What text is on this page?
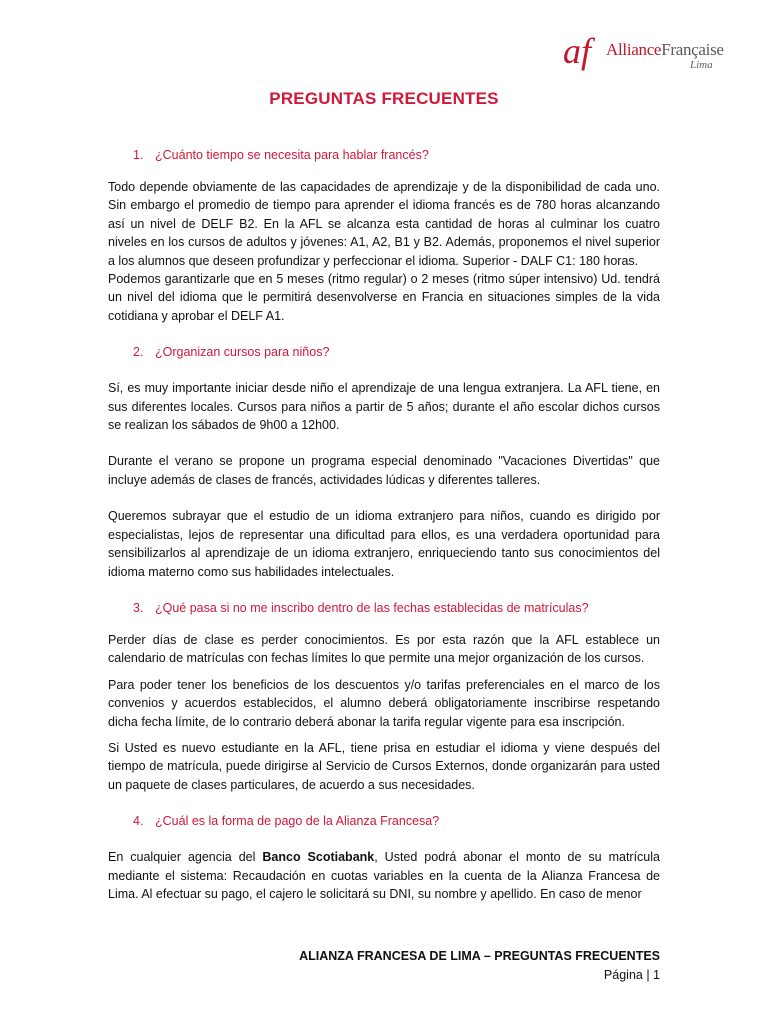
af AllianceFrançaise
Lima
PREGUNTAS FRECUENTES
1. ¿Cuánto tiempo se necesita para hablar francés?

Todo depende obviamente de las capacidades de aprendizaje y de la disponibilidad de cada uno. Sin embargo el promedio de tiempo para aprender el idioma francés es de 780 horas alcanzando así un nivel de DELF B2. En la AFL se alcanza esta cantidad de horas al culminar los cuatro niveles en los cursos de adultos y jóvenes: A1, A2, B1 y B2. Además, proponemos el nivel superior a los alumnos que deseen profundizar y perfeccionar el idioma. Superior - DALF C1: 180 horas.

Podemos garantizarle que en 5 meses (ritmo regular) o 2 meses (ritmo súper intensivo) Ud. tendrá un nivel del idioma que le permitirá desenvolverse en Francia en situaciones simples de la vida cotidiana y aprobar el DELF A1.

2. ¿Organizan cursos para niños?

Sí, es muy importante iniciar desde niño el aprendizaje de una lengua extranjera. La AFL tiene, en sus diferentes locales. Cursos para niños a partir de 5 años; durante el año escolar dichos cursos se realizan los sábados de 9h00 a 12h00.

Durante el verano se propone un programa especial denominado "Vacaciones Divertidas" que incluye además de clases de francés, actividades lúdicas y diferentes talleres.

Queremos subrayar que el estudio de un idioma extranjero para niños, cuando es dirigido por especialistas, lejos de representar una dificultad para ellos, es una verdadera oportunidad para sensibilizarlos al aprendizaje de un idioma extranjero, enriqueciendo tanto sus conocimientos del idioma materno como sus habilidades intelectuales.

3. ¿Qué pasa si no me inscribo dentro de las fechas establecidas de matrículas?

Perder días de clase es perder conocimientos. Es por esta razón que la AFL establece un calendario de matrículas con fechas límites lo que permite una mejor organización de los cursos.

Para poder tener los beneficios de los descuentos y/o tarifas preferenciales en el marco de los convenios y acuerdos establecidos, el alumno deberá obligatoriamente inscribirse respetando dicha fecha límite, de lo contrario deberá abonar la tarifa regular vigente para esa inscripción.

Si Usted es nuevo estudiante en la AFL, tiene prisa en estudiar el idioma y viene después del tiempo de matrícula, puede dirigirse al Servicio de Cursos Externos, donde organizarán para usted un paquete de clases particulares, de acuerdo a sus necesidades.

4. ¿Cuál es la forma de pago de la Alianza Francesa?

En cualquier agencia del Banco Scotiabank, Usted podrá abonar el monto de su matrícula mediante el sistema: Recaudación en cuotas variables en la cuenta de la Alianza Francesa de Lima. Al efectuar su pago, el cajero le solicitará su DNI, su nombre y apellido. En caso de menor

ALIANZA FRANCESA DE LIMA – PREGUNTAS FRECUENTES
Página | 1
